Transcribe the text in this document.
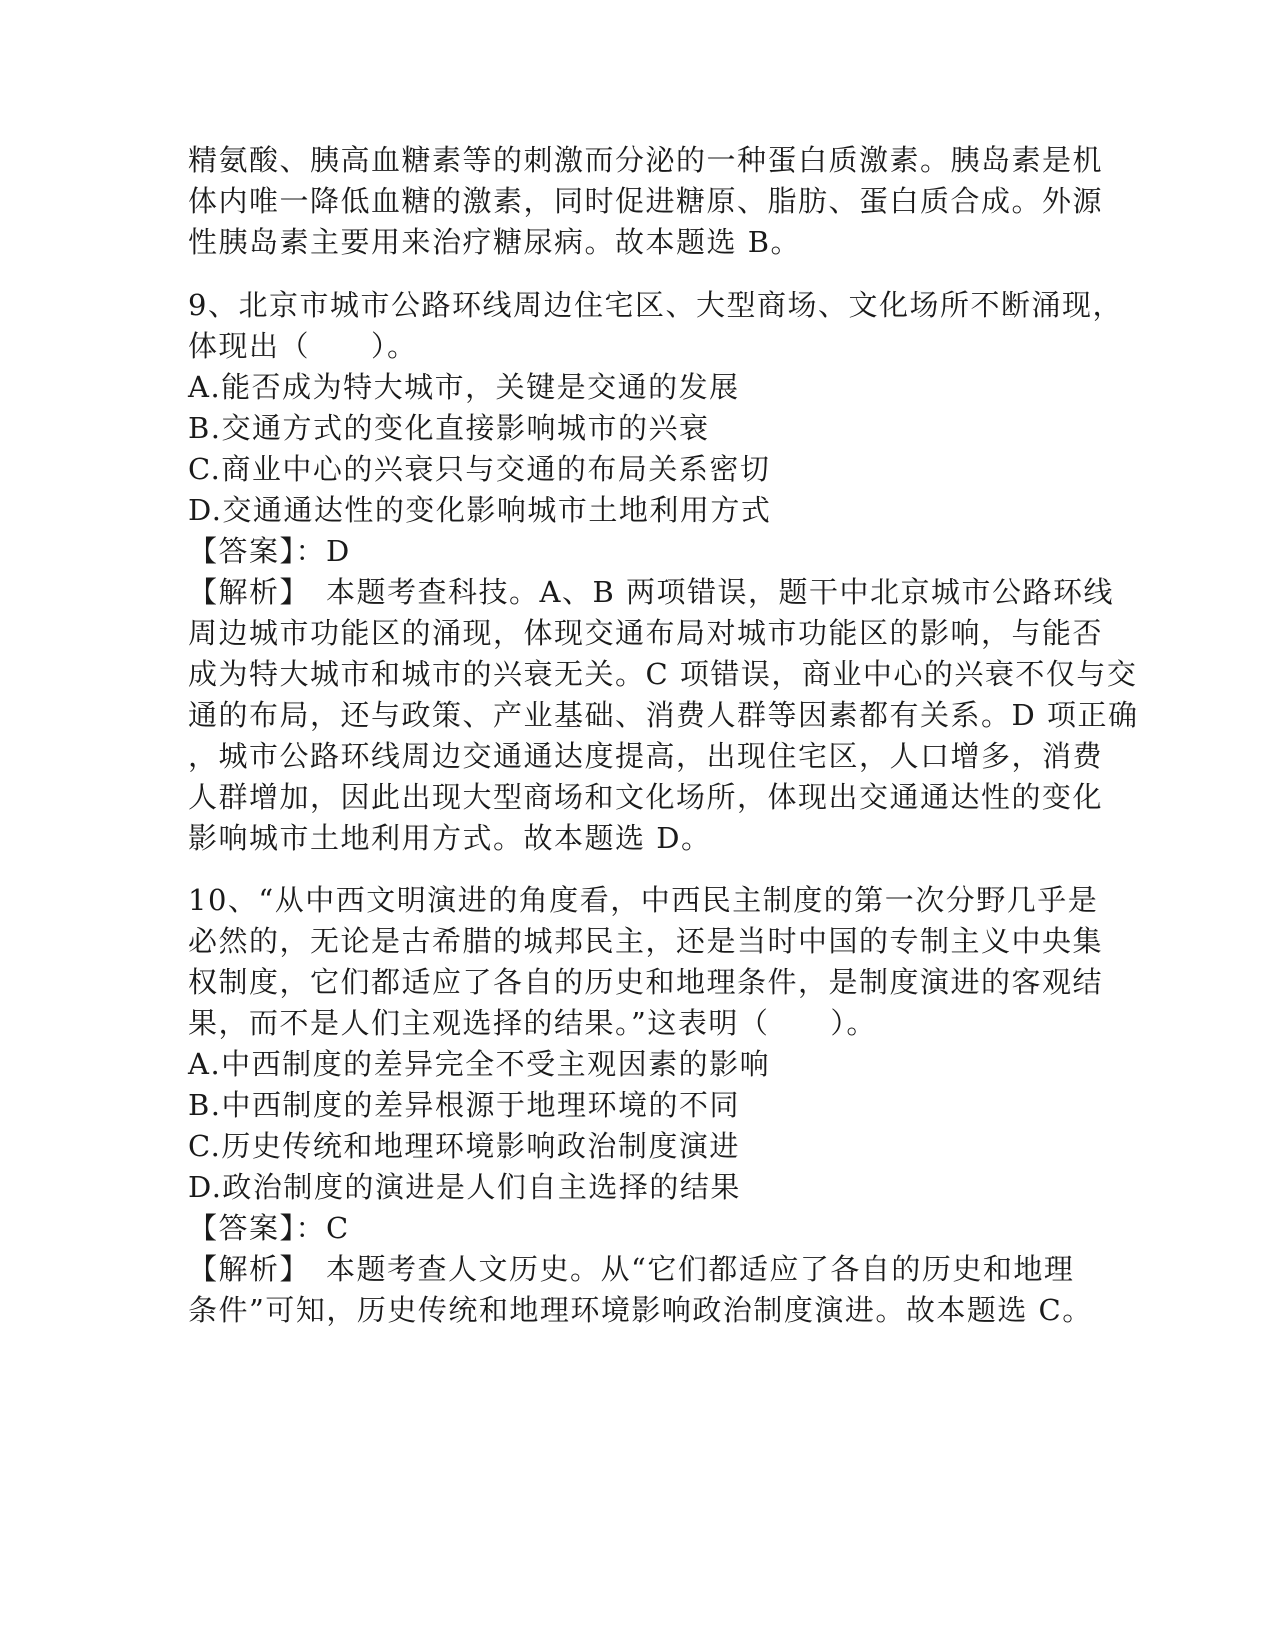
精氨酸、胰高血糖素等的刺激而分泌的一种蛋白质激素。胰岛素是机
体内唯一降低血糖的激素，同时促进糖原、脂肪、蛋白质合成。外源
性胰岛素主要用来治疗糖尿病。故本题选 B。
9、北京市城市公路环线周边住宅区、大型商场、文化场所不断涌现，
体现出（　　）。
A.能否成为特大城市，关键是交通的发展
B.交通方式的变化直接影响城市的兴衰
C.商业中心的兴衰只与交通的布局关系密切
D.交通通达性的变化影响城市土地利用方式
【答案】：D
【解析】　本题考查科技。A、B 两项错误，题干中北京城市公路环线
周边城市功能区的涌现，体现交通布局对城市功能区的影响，与能否
成为特大城市和城市的兴衰无关。C 项错误，商业中心的兴衰不仅与交
通的布局，还与政策、产业基础、消费人群等因素都有关系。D 项正确
，城市公路环线周边交通通达度提高，出现住宅区，人口增多，消费
人群增加，因此出现大型商场和文化场所，体现出交通通达性的变化
影响城市土地利用方式。故本题选 D。
10、“从中西文明演进的角度看，中西民主制度的第一次分野几乎是
必然的，无论是古希腊的城邦民主，还是当时中国的专制主义中央集
权制度，它们都适应了各自的历史和地理条件，是制度演进的客观结
果，而不是人们主观选择的结果。”这表明（　　）。
A.中西制度的差异完全不受主观因素的影响
B.中西制度的差异根源于地理环境的不同
C.历史传统和地理环境影响政治制度演进
D.政治制度的演进是人们自主选择的结果
【答案】：C
【解析】　本题考查人文历史。从“它们都适应了各自的历史和地理
条件”可知，历史传统和地理环境影响政治制度演进。故本题选 C。
